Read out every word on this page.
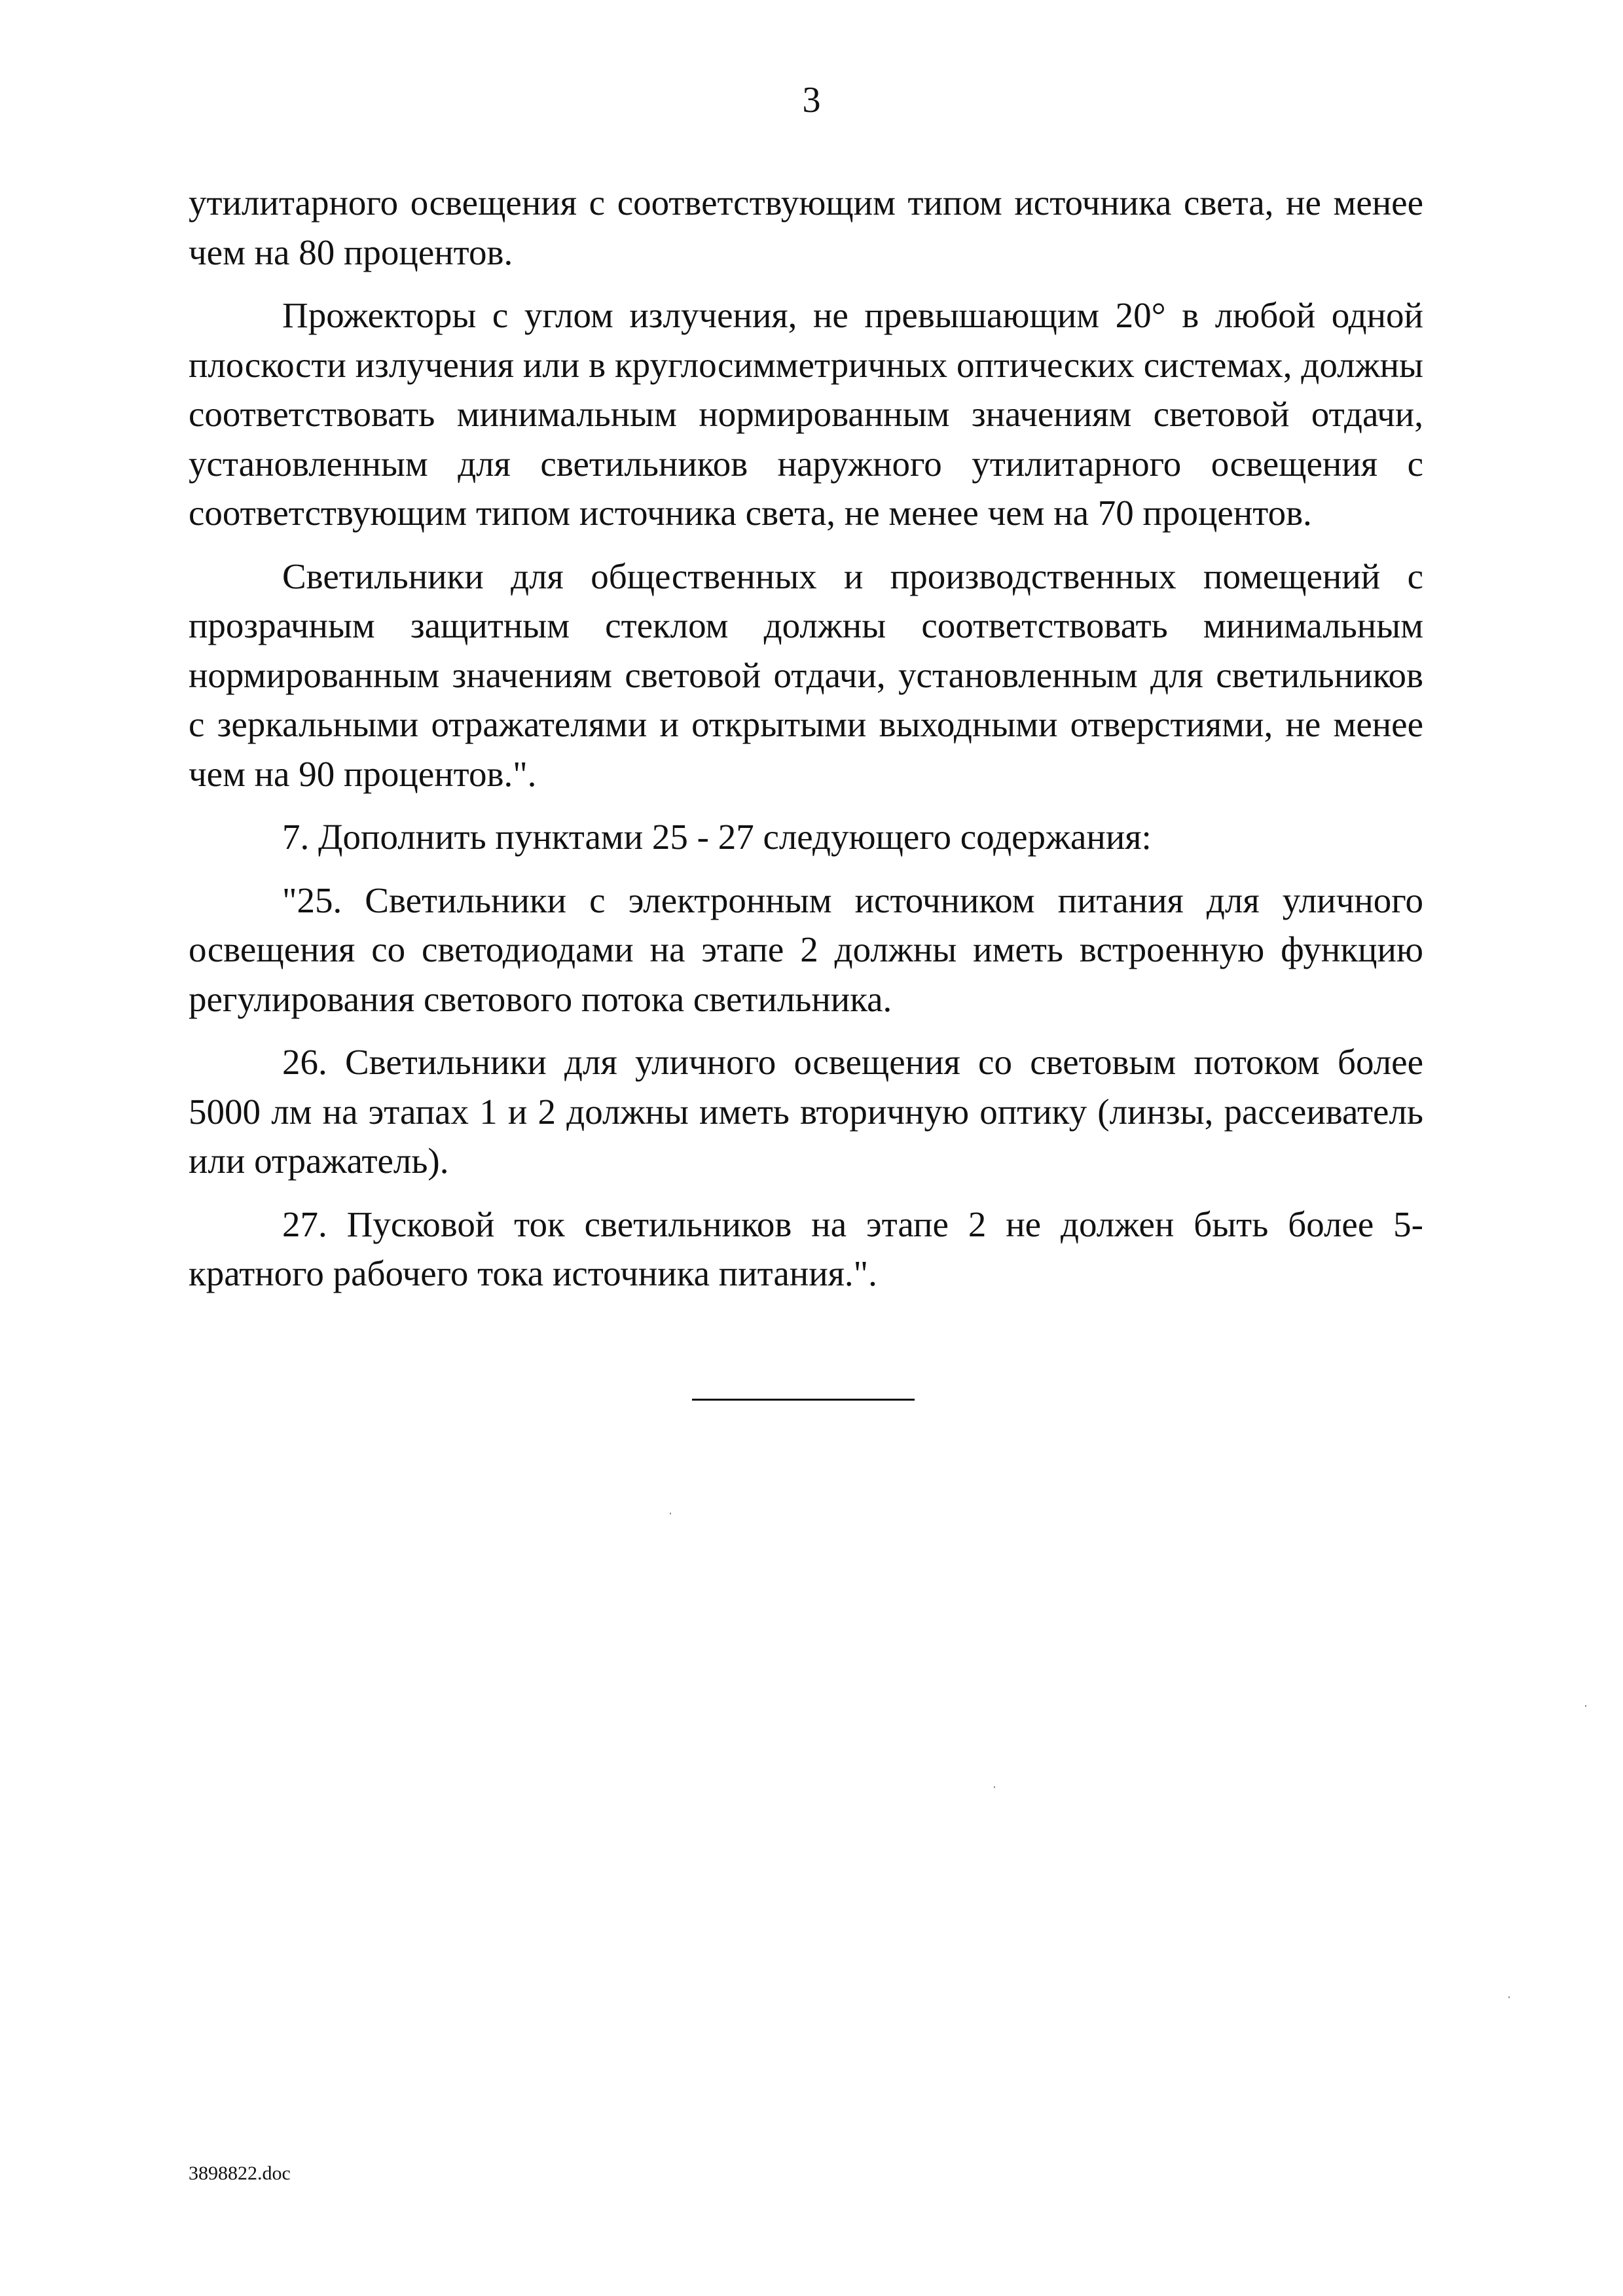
3

утилитарного освещения с соответствующим типом источника света, не менее чем на 80 процентов.

Прожекторы с углом излучения, не превышающим 20° в любой одной плоскости излучения или в круглосимметричных оптических системах, должны соответствовать минимальным нормированным значениям световой отдачи, установленным для светильников наружного утилитарного освещения с соответствующим типом источника света, не менее чем на 70 процентов.

Светильники для общественных и производственных помещений с прозрачным защитным стеклом должны соответствовать минимальным нормированным значениям световой отдачи, установленным для светильников с зеркальными отражателями и открытыми выходными отверстиями, не менее чем на 90 процентов.".

7. Дополнить пунктами 25 - 27 следующего содержания:

"25. Светильники с электронным источником питания для уличного освещения со светодиодами на этапе 2 должны иметь встроенную функцию регулирования светового потока светильника.

26. Светильники для уличного освещения со световым потоком более 5000 лм на этапах 1 и 2 должны иметь вторичную оптику (линзы, рассеиватель или отражатель).

27. Пусковой ток светильников на этапе 2 не должен быть более 5-кратного рабочего тока источника питания.".

3898822.doc
